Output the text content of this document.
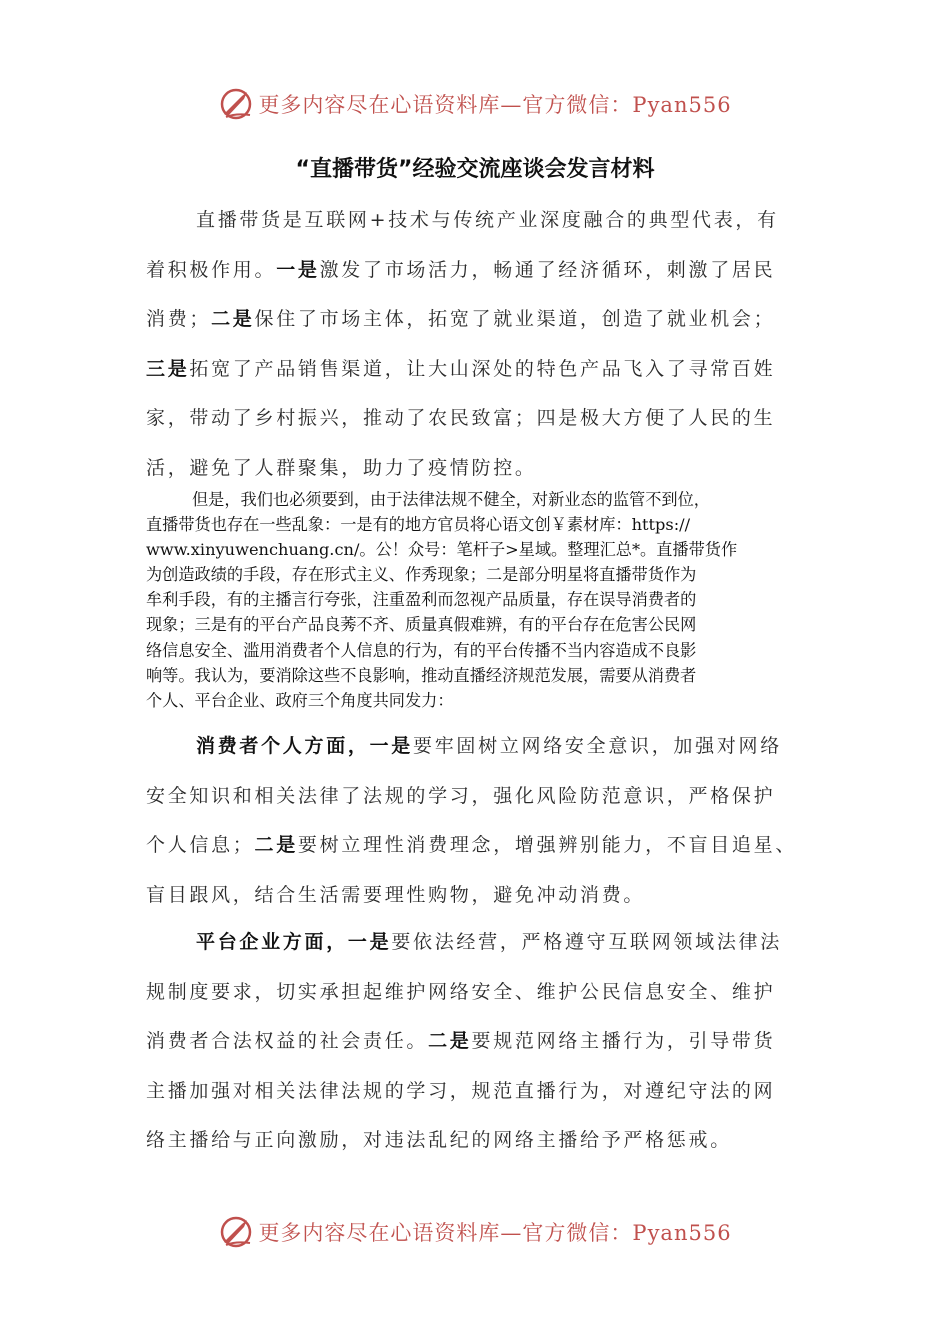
更多内容尽在心语资料库—官方微信：Pyan556
“直播带货”经验交流座谈会发言材料
直播带货是互联网+技术与传统产业深度融合的典型代表，有
着积极作用。一是激发了市场活力，畅通了经济循环，刺激了居民
消费；二是保住了市场主体，拓宽了就业渠道，创造了就业机会；
三是拓宽了产品销售渠道，让大山深处的特色产品飞入了寻常百姓
家，带动了乡村振兴，推动了农民致富；四是极大方便了人民的生
活，避免了人群聚集，助力了疫情防控。
但是，我们也必须要到，由于法律法规不健全，对新业态的监管不到位，
直播带货也存在一些乱象：一是有的地方官员将心语文创￥素材库：https://
www.xinyuwenchuang.cn/。公！众号：笔杆子>星域。整理汇总*。直播带货作
为创造政绩的手段，存在形式主义、作秀现象；二是部分明星将直播带货作为
牟利手段，有的主播言行夸张，注重盈利而忽视产品质量，存在误导消费者的
现象；三是有的平台产品良莠不齐、质量真假难辨，有的平台存在危害公民网
络信息安全、滥用消费者个人信息的行为，有的平台传播不当内容造成不良影
响等。我认为，要消除这些不良影响，推动直播经济规范发展，需要从消费者
个人、平台企业、政府三个角度共同发力：
消费者个人方面，一是要牢固树立网络安全意识，加强对网络
安全知识和相关法律了法规的学习，强化风险防范意识，严格保护
个人信息；二是要树立理性消费理念，增强辨别能力，不盲目追星、
盲目跟风，结合生活需要理性购物，避免冲动消费。
平台企业方面，一是要依法经营，严格遵守互联网领域法律法
规制度要求，切实承担起维护网络安全、维护公民信息安全、维护
消费者合法权益的社会责任。二是要规范网络主播行为，引导带货
主播加强对相关法律法规的学习，规范直播行为，对遵纪守法的网
络主播给与正向激励，对违法乱纪的网络主播给予严格惩戒。
更多内容尽在心语资料库—官方微信：Pyan556
